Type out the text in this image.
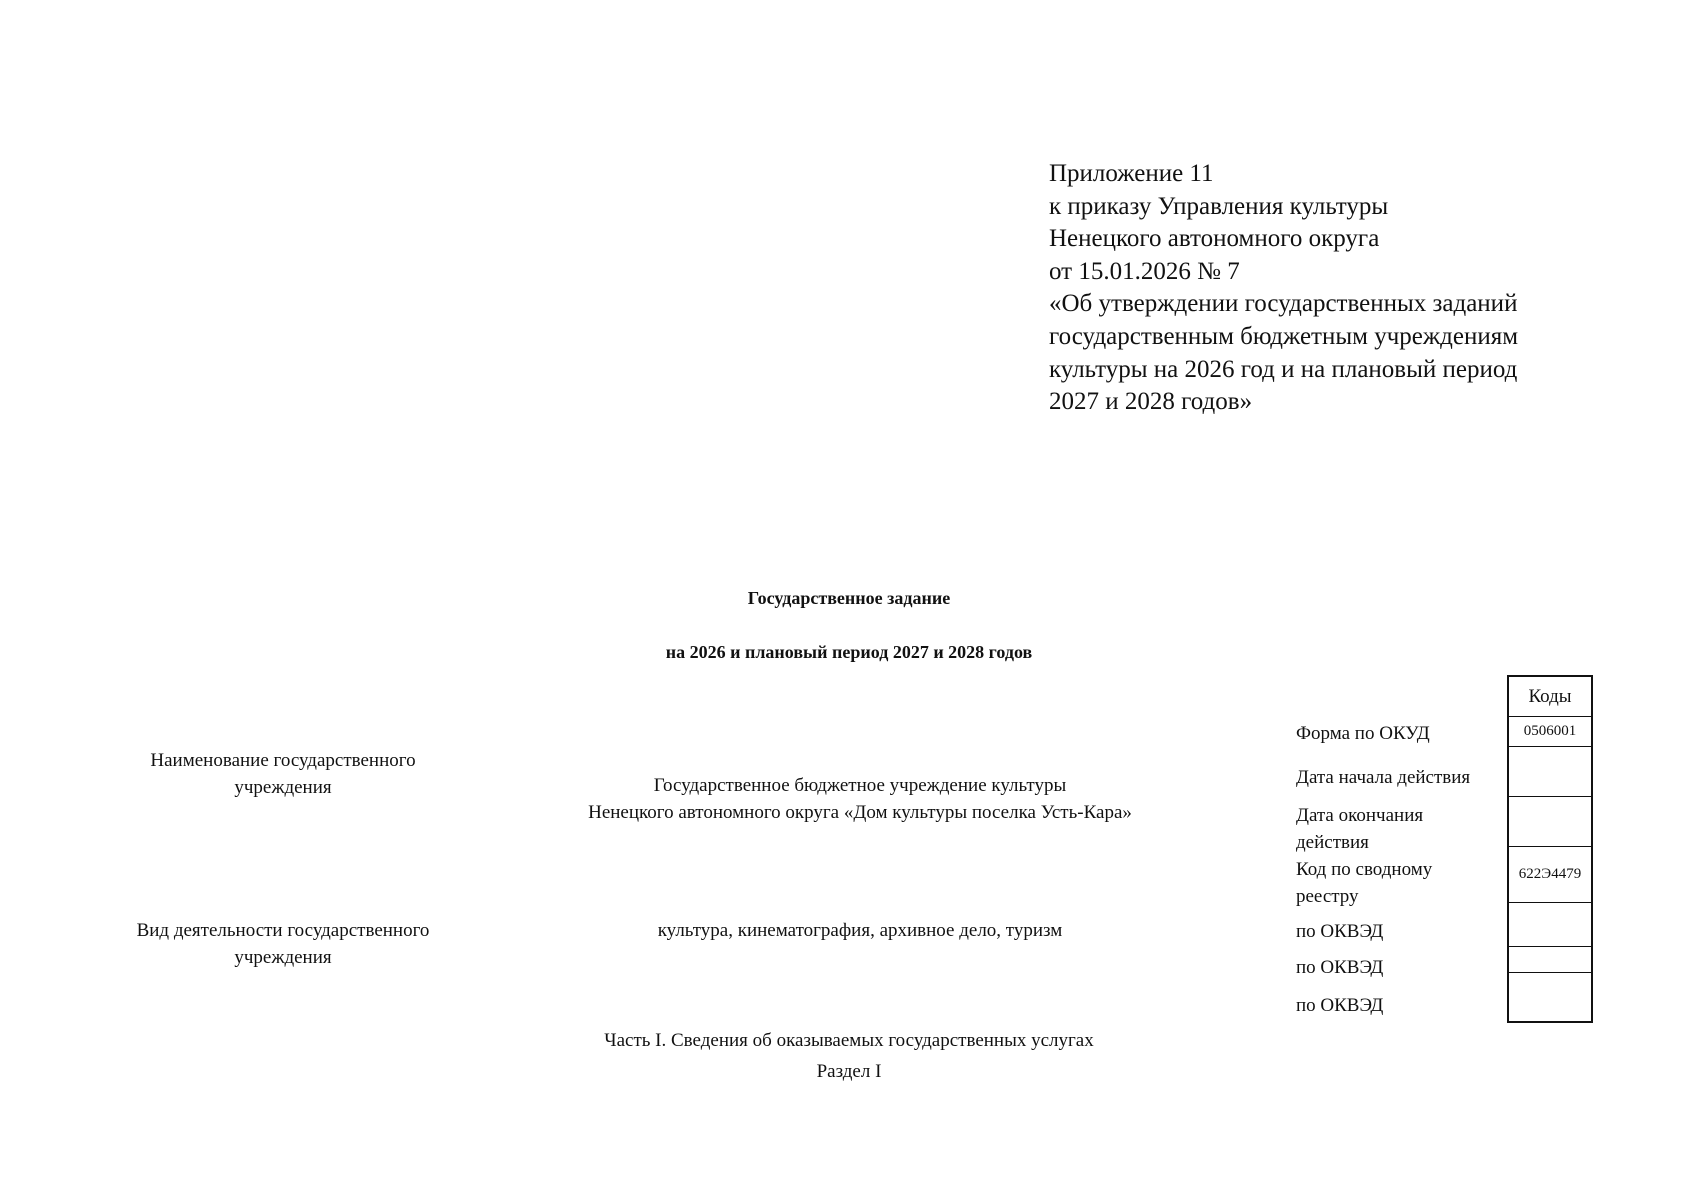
Приложение 11
к приказу Управления культуры
Ненецкого автономного округа
от 15.01.2026 № 7
«Об утверждении государственных заданий
государственным бюджетным учреждениям
культуры на 2026 год и на плановый период
2027 и 2028 годов»
Государственное задание
на 2026 и плановый период 2027 и 2028 годов
Наименование государственного
учреждения	Государственное бюджетное учреждение культуры
Ненецкого автономного округа «Дом культуры поселка Усть-Кара»
Вид деятельности государственного
учреждения
культура, кинематография, архивное дело, туризм
Форма по ОКУД
Дата начала действия
Дата окончания
действия
Код по сводному
реестру
по ОКВЭД
по ОКВЭД
по ОКВЭД
Коды
0506001
622Э4479
Часть I. Сведения об оказываемых государственных услугах
Раздел I
